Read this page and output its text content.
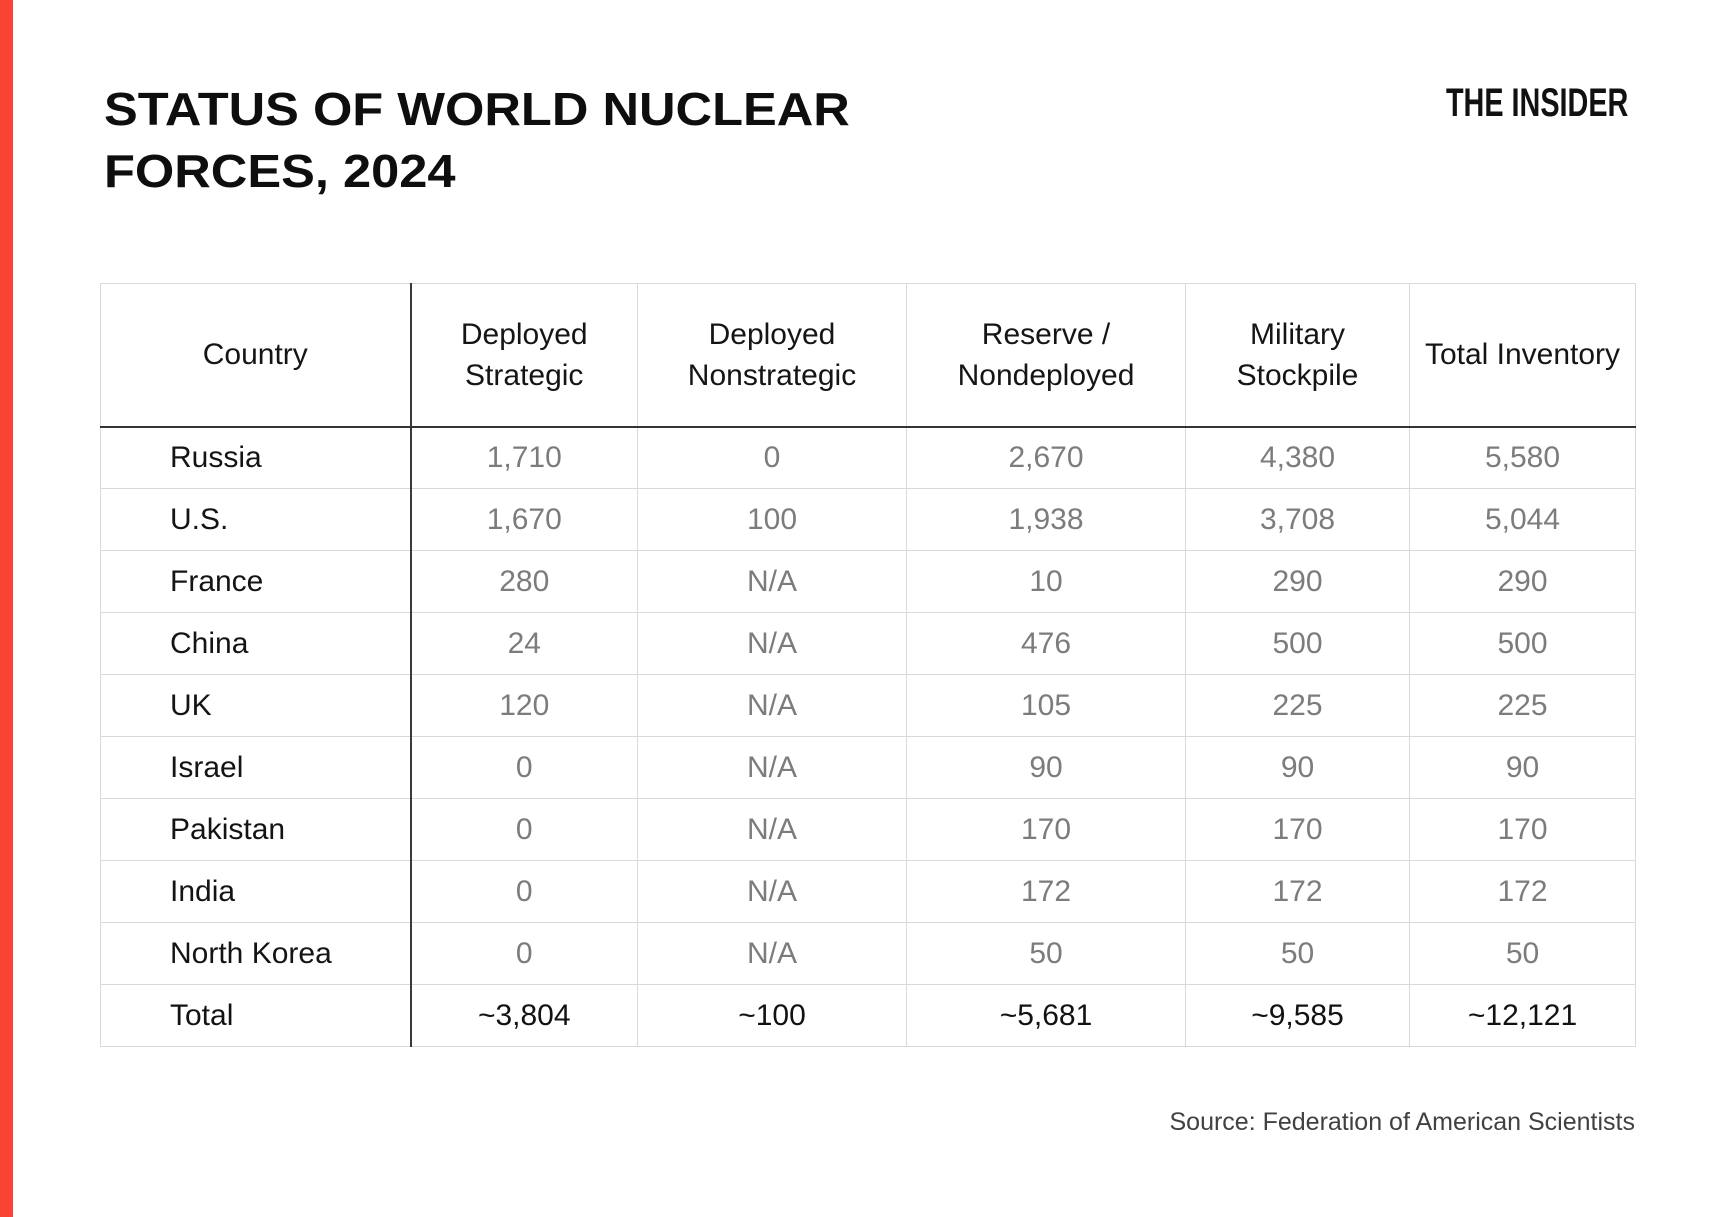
STATUS OF WORLD NUCLEAR
FORCES, 2024
THE INSIDER
Country	Deployed Strategic	Deployed Nonstrategic	Reserve / Nondeployed	Military Stockpile	Total Inventory
Russia	1,710	0	2,670	4,380	5,580
U.S.	1,670	100	1,938	3,708	5,044
France	280	N/A	10	290	290
China	24	N/A	476	500	500
UK	120	N/A	105	225	225
Israel	0	N/A	90	90	90
Pakistan	0	N/A	170	170	170
India	0	N/A	172	172	172
North Korea	0	N/A	50	50	50
Total	~3,804	~100	~5,681	~9,585	~12,121
Source: Federation of American Scientists
